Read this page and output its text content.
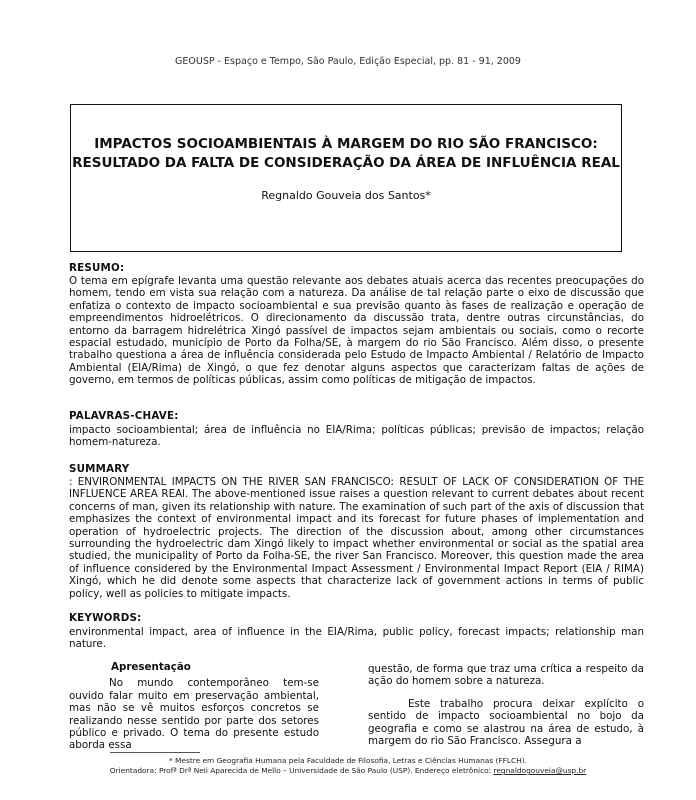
GEOUSP - Espaço e Tempo, São Paulo, Edição Especial, pp. 81 - 91, 2009
IMPACTOS SOCIOAMBIENTAIS À MARGEM DO RIO SÃO FRANCISCO: RESULTADO DA FALTA DE CONSIDERAÇÃO DA ÁREA DE INFLUÊNCIA REAL
Regnaldo Gouveia dos Santos*
RESUMO:

O tema em epígrafe levanta uma questão relevante aos debates atuais acerca das recentes preocupações do homem, tendo em vista sua relação com a natureza. Da análise de tal relação parte o eixo de discussão que enfatiza o contexto de impacto socioambiental e sua previsão quanto às fases de realização e operação de empreendimentos hidroelétricos. O direcionamento da discussão trata, dentre outras circunstâncias, do entorno da barragem hidrelétrica Xingó passível de impactos sejam ambientais ou sociais, como o recorte espacial estudado, município de Porto da Folha/SE, à margem do rio São Francisco. Além disso, o presente trabalho questiona a área de influência considerada pelo Estudo de Impacto Ambiental / Relatório de Impacto Ambiental (EIA/Rima) de Xingó, o que fez denotar alguns aspectos que caracterizam faltas de ações de governo, em termos de políticas públicas, assim como políticas de mitigação de impactos.

PALAVRAS-CHAVE:

impacto socioambiental; área de influência no EIA/Rima; políticas públicas; previsão de impactos; relação homem-natureza.

SUMMARY

: ENVIRONMENTAL IMPACTS ON THE RIVER SAN FRANCISCO: RESULT OF LACK OF CONSIDERATION OF THE INFLUENCE AREA REAl. The above-mentioned issue raises a question relevant to current debates about recent concerns of man, given its relationship with nature. The examination of such part of the axis of discussion that emphasizes the context of environmental impact and its forecast for future phases of implementation and operation of hydroelectric projects. The direction of the discussion about, among other circumstances surrounding the hydroelectric dam Xingó likely to impact whether environmental or social as the spatial area studied, the municipality of Porto da Folha-SE, the river San Francisco. Moreover, this question made the area of influence considered by the Environmental Impact Assessment / Environmental Impact Report (EIA / RIMA) Xingó, which he did denote some aspects that characterize lack of government actions in terms of public policy, well as policies to mitigate impacts.

KEYWORDS:

environmental impact, area of influence in the EIA/Rima, public policy, forecast impacts; relationship man nature.

Apresentação

No mundo contemporâneo tem-se ouvido falar muito em preservação ambiental, mas não se vê muitos esforços concretos se realizando nesse sentido por parte dos setores público e privado. O tema do presente estudo aborda essa

questão, de forma que traz uma crítica a respeito da ação do homem sobre a natureza.

Este trabalho procura deixar explícito o sentido de impacto socioambiental no bojo da geografia e como se alastrou na área de estudo, à margem do rio São Francisco. Assegura a

* Mestre em Geografia Humana pela Faculdade de Filosofia, Letras e Ciências Humanas (FFLCH).
Orientadora: Profª Drª Neli Aparecida de Mello – Universidade de São Paulo (USP). Endereço eletrônico: regnaldogouveia@usp.br
